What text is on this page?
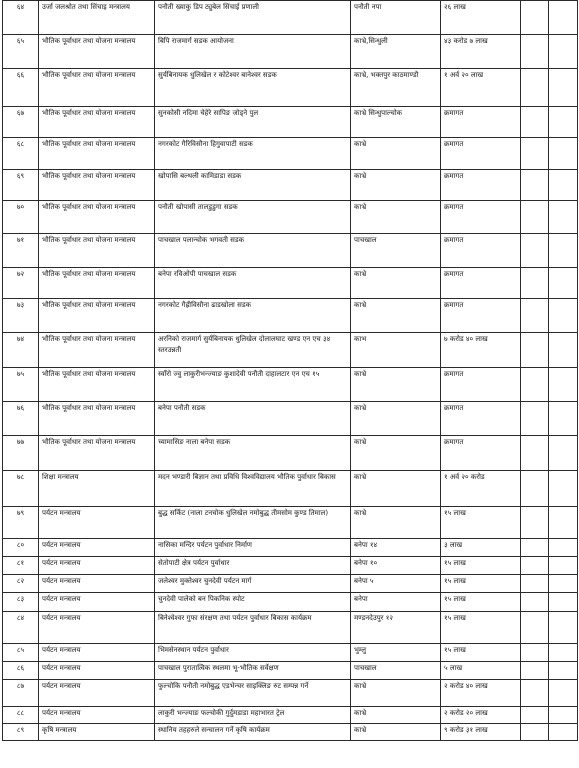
६४	उर्जा जलश्रोत तथा सिंचाइ मन्त्रालय	पनौती ख्याकु डिप ट्युबेल सिंचाई प्रणाली	पनौती नपा	२६ लाख		
६५	भौतिक पूर्वाधार तथा योजना मन्त्रालय	बिपि राजमार्ग सडक आयोजना	काभ्रे,सिन्धुली	४३ करोड ७ लाख		
६६	भौतिक पूर्वाधार तथा योजना मन्त्रालय	सुर्यबिनायक धुलिखेल र कोटेश्वर बानेश्वर सडक	काभ्रे, भक्तपुर काठमाण्डौ	१ अर्व २० लाख		
६७	भौतिक पूर्वाधार तथा योजना मन्त्रालय	सुनकोसी नदिमा चेहेरे सापिङ जोड्ने पुल	काभ्रे सिन्धुपाल्चोक	क्रमागत		
६८	भौतिक पूर्वाधार तथा योजना मन्त्रालय	नगरकोट गैरिविसौना हिगुवापाटी सडक	काभ्रे	क्रमागत		
६९	भौतिक पूर्वाधार तथा योजना मन्त्रालय	खोपासि बल्थली कामिडाडा सडक	काभ्रे	क्रमागत		
७०	भौतिक पूर्वाधार तथा योजना मन्त्रालय	पनौती खोपासी तालडुडुगा सडक	काभ्रे	क्रमागत		
७१	भौतिक पूर्वाधार तथा योजना मन्त्रालय	पाचखाल पलान्चोक भगवती सडक	पाचखाल	क्रमागत		
७२	भौतिक पूर्वाधार तथा योजना मन्त्रालय	बनेपा रविओपी पाचखाल सडक	काभ्रे	क्रमागत		
७३	भौतिक पूर्वाधार तथा योजना मन्त्रालय	नगरकोट गैह्रीविसौना ढाडखोला सडक	काभ्रे	क्रमागत		
७४	भौतिक पूर्वाधार तथा योजना मन्त्रालय	अरनिको राजमार्ग सुर्यबिनायक धुलिखेल दोलालघाट खण्ड एन एच ३४ स्तरउन्नती	काभ	७ करोड ४० लाख		
७५	भौतिक पूर्वाधार तथा योजना मन्त्रालय	स्वाँरो ज्वु लाकुरीभन्ज्याङ कुशादेवी पनौती दाहालटार एन एच १५	काभ्रे	क्रमागत		
७६	भौतिक पूर्वाधार तथा योजना मन्त्रालय	बनेपा पनौती सडक	काभ्रे	क्रमागत		
७७	भौतिक पूर्वाधार तथा योजना मन्त्रालय	च्यामासिङ नाला बनेपा सडक	काभ्रे	क्रमागत		
७८	शिक्षा मन्त्रालय	मदन भण्डारी बिज्ञान तथा प्रविधि विश्वविद्यालय भौतिक पुर्वाधार बिकास	काभ्रे	१ अर्व २० करोड		
७९	पर्यटन मन्त्रालय	बुद्ध सर्किट (नाला टनचोक धुलिखेल नमोबुद्ध तीमसोम कुण्ड तिमाल)	काभ्रे	१५ लाख		
८०	पर्यटन मन्त्रालय	नासिका मन्दिर पर्यटन पुर्वाधार निर्माण	बनेपा १४	३ लाख		
८१	पर्यटन मन्त्रालय	सेतोपाटी क्षेत्र पर्यटन पुर्वाधार	बनेपा १०	१५ लाख		
८२	पर्यटन मन्त्रालय	जलेश्वर मुक्तेश्वर चुनदेवी पर्यटन मार्ग	बनेपा ५	१५ लाख		
८३	पर्यटन मन्त्रालय	चुनदेवी पालेको बन पिकनिक स्पोट	बनेपा	१५ लाख		
८४	पर्यटन मन्त्रालय	बिनेश्वेश्वर गुफा संरक्षण तथा पर्यटन पुर्वाधार बिकास कार्यक्रम	मण्डनदेउपुर १२	१५ लाख		
८५	पर्यटन मन्त्रालय	भिमसेनस्थान पर्यटन पुर्वाधार	भुम्लु	१५ लाख		
८६	पर्यटन मन्त्रालय	पाचखाल पुरातात्विक स्थलमा भू-भौतिक सर्वेक्षण	पाचखाल	५ लाख		
८७	पर्यटन मन्त्रालय	फुल्चोकि पनौती नमोबुद्ध एडभेन्चर साइक्लिङ रुट सम्पन्न गर्ने	काभ्रे	२ करोड ४० लाख		
८८	पर्यटन मन्त्रालय	लाकुरी भन्ज्याङ फल्चोकी गुर्दुमडाडा महाभारत ट्रेल	काभ्रे	२ करोड २० लाख		
८९	कृषि मन्त्रालय	स्थानिय तहहरुले सन्चालन गर्ने कृषि कार्यक्रम	काभ्रे	९ करोड ३१ लाख		
